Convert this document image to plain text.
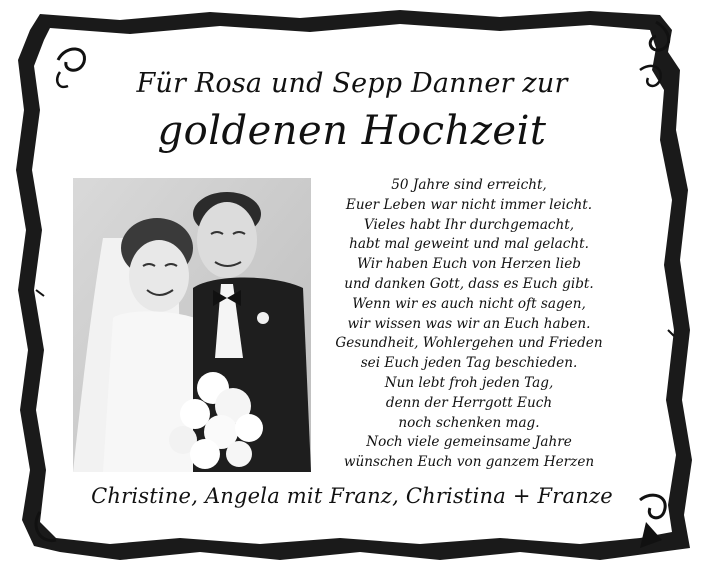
Für Rosa und Sepp Danner zur
goldenen Hochzeit
50 Jahre sind erreicht,
Euer Leben war nicht immer leicht.
Vieles habt Ihr durchgemacht,
habt mal geweint und mal gelacht.
Wir haben Euch von Herzen lieb
und danken Gott, dass es Euch gibt.
Wenn wir es auch nicht oft sagen,
wir wissen was wir an Euch haben.
Gesundheit, Wohlergehen und Frieden
sei Euch jeden Tag beschieden.
Nun lebt froh jeden Tag,
denn der Herrgott Euch
noch schenken mag.
Noch viele gemeinsame Jahre
wünschen Euch von ganzem Herzen
Christine, Angela mit Franz, Christina + Franze
